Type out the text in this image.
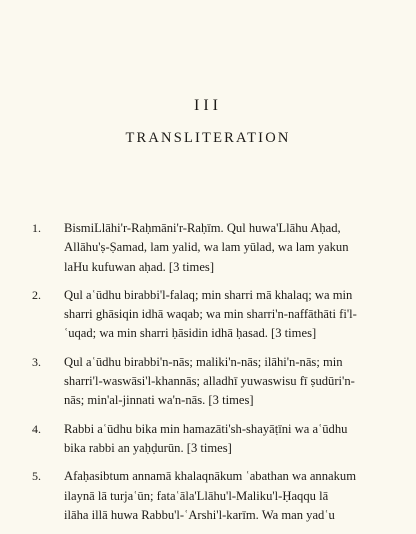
III
TRANSLITERATION
1.	BismiLlāhi'r-Raḥmāni'r-Raḥīm. Qul huwa'Llāhu Aḥad,
Allāhu'ṣ-Ṣamad, lam yalid, wa lam yūlad, wa lam yakun
laHu kufuwan aḥad. [3 times]
2.	Qul aʿūdhu birabbi'l-falaq; min sharri mā khalaq; wa min
sharri ghāsiqin idhā waqab; wa min sharri'n-naffāthāti fi'l-
ʿuqad; wa min sharri ḥāsidin idhā ḥasad. [3 times]
3.	Qul aʿūdhu birabbi'n-nās; maliki'n-nās; ilāhi'n-nās; min
sharri'l-waswāsi'l-khannās; alladhī yuwaswisu fī ṣudūri'n-
nās; min'al-jinnati wa'n-nās. [3 times]
4.	Rabbi aʿūdhu bika min hamazāti'sh-shayāṭīni wa aʿūdhu
bika rabbi an yaḥḍurūn. [3 times]
5.	Afaḥasibtum annamā khalaqnākum ʿabathan wa annakum
ilaynā lā turjaʿūn; fataʿāla'Llāhu'l-Maliku'l-Ḥaqqu lā
ilāha illā huwa Rabbu'l-ʿArshi'l-karīm. Wa man yadʿu
